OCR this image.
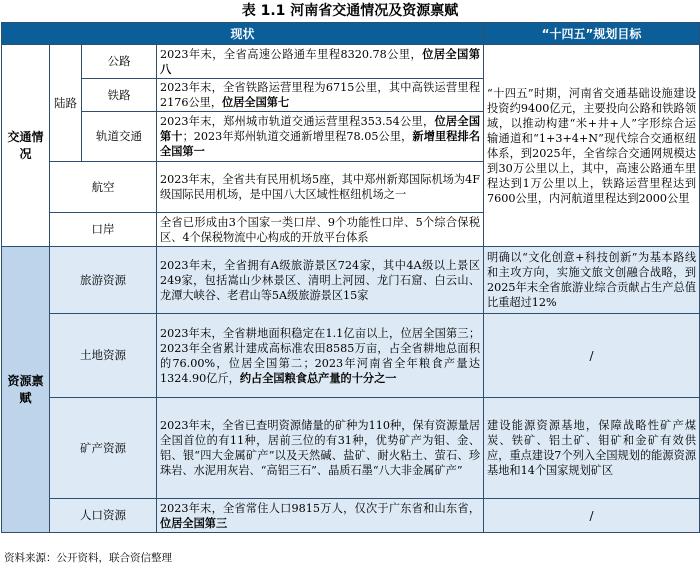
表 1.1 河南省交通情况及资源禀赋
现状				“十四五”规划目标
交通情况	陆路	公路	2023年末，全省高速公路通车里程8320.78公里，位居全国第八	“十四五”时期，河南省交通基础设施建设投资约9400亿元，主要投向公路和铁路领域，以推动构建“米+井+人”字形综合运输通道和“1+3+4+N”现代综合交通枢纽体系，到2025年，全省综合交通网规模达到30万公里以上，其中，高速公路通车里程达到1万公里以上，铁路运营里程达到7600公里，内河航道里程达到2000公里
		铁路	2023年末，全省铁路运营里程为6715公里，其中高铁运营里程2176公里，位居全国第七	
		轨道交通	2023年末，郑州城市轨道交通运营里程353.54公里，位居全国第十；2023年郑州轨道交通新增里程78.05公里，新增里程排名全国第一	
	航空		2023年末，全省共有民用机场5座，其中郑州新郑国际机场为4F级国际民用机场，是中国八大区域性枢纽机场之一	
	口岸		全省已形成由3个国家一类口岸、9个功能性口岸、5个综合保税区、4个保税物流中心构成的开放平台体系	
资源禀赋	旅游资源		2023年末，全省拥有A级旅游景区724家，其中4A级以上景区249家，包括嵩山少林景区、清明上河园、龙门石窟、白云山、龙潭大峡谷、老君山等5A级旅游景区15家	明确以“文化创意+科技创新”为基本路线和主攻方向，实施文旅文创融合战略，到2025年末全省旅游业综合贡献占生产总值比重超过12%
	土地资源		2023年末，全省耕地面积稳定在1.1亿亩以上，位居全国第三；2023年全省累计建成高标准农田8585万亩，占全省耕地总面积的76.00%，位居全国第二；2023年河南省全年粮食产量达1324.90亿斤，约占全国粮食总产量的十分之一	/
	矿产资源		2023年末，全省已查明资源储量的矿种为110种，保有资源量居全国首位的有11种，居前三位的有31种，优势矿产为钼、金、铝、银“四大金属矿产”以及天然碱、盐矿、耐火粘土、萤石、珍珠岩、水泥用灰岩、“高铝三石”、晶质石墨“八大非金属矿产”	建设能源资源基地，保障战略性矿产煤炭、铁矿、铝土矿、钼矿和金矿有效供应，重点建设7个列入全国规划的能源资源基地和14个国家规划矿区
	人口资源		2023年末，全省常住人口9815万人，仅次于广东省和山东省，位居全国第三	/
资料来源：公开资料，联合资信整理
